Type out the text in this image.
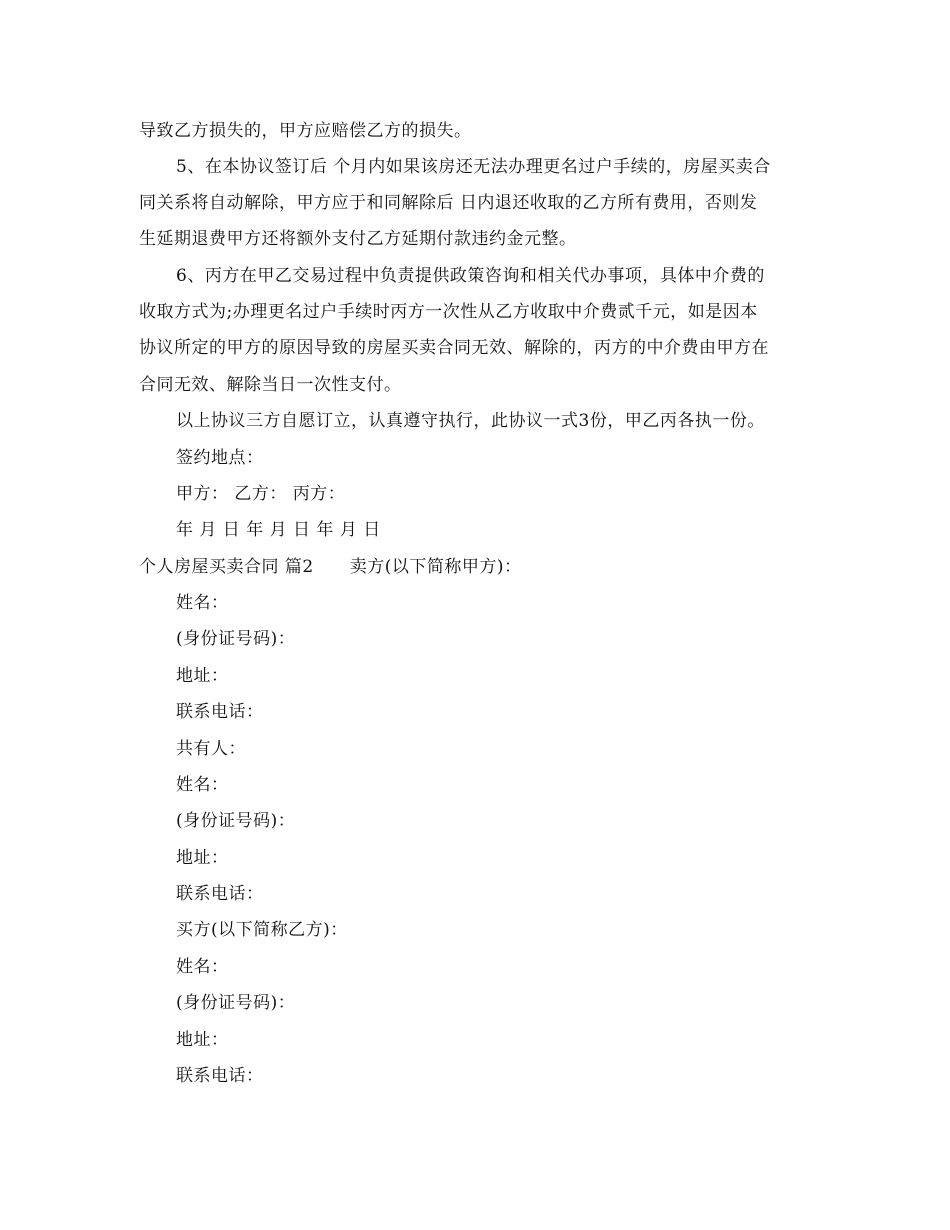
导致乙方损失的，甲方应赔偿乙方的损失。
5、在本协议签订后 个月内如果该房还无法办理更名过户手续的，房屋买卖合
同关系将自动解除，甲方应于和同解除后 日内退还收取的乙方所有费用，否则发
生延期退费甲方还将额外支付乙方延期付款违约金元整。
6、丙方在甲乙交易过程中负责提供政策咨询和相关代办事项，具体中介费的
收取方式为;办理更名过户手续时丙方一次性从乙方收取中介费贰千元，如是因本
协议所定的甲方的原因导致的房屋买卖合同无效、解除的，丙方的中介费由甲方在
合同无效、解除当日一次性支付。
以上协议三方自愿订立，认真遵守执行，此协议一式3份，甲乙丙各执一份。
签约地点：
甲方： 乙方： 丙方：
年 月 日 年 月 日 年 月 日
个人房屋买卖合同 篇2 卖方(以下简称甲方)：
姓名：
(身份证号码)：
地址：
联系电话：
共有人：
姓名：
(身份证号码)：
地址：
联系电话：
买方(以下简称乙方)：
姓名：
(身份证号码)：
地址：
联系电话：
